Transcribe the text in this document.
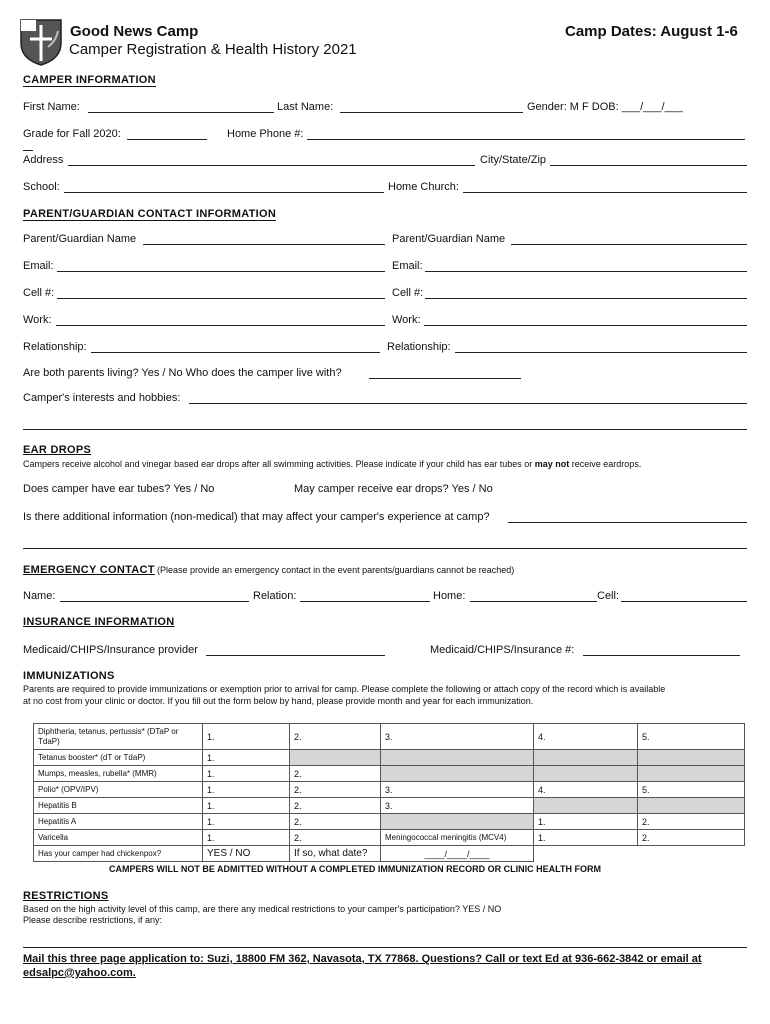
Good News Camp
Camper Registration & Health History 2021
Camp Dates: August 1-6
CAMPER INFORMATION
First Name:	Last Name:	Gender: M F DOB: ___/___/___
Grade for Fall 2020:	Home Phone #:
Address	City/State/Zip
School:	Home Church:
PARENT/GUARDIAN CONTACT INFORMATION
Parent/Guardian Name	Parent/Guardian Name
Email:	Email:
Cell #:	Cell #:
Work:	Work:
Relationship:	Relationship:
Are both parents living? Yes / No Who does the camper live with?
Camper's interests and hobbies:
EAR DROPS
Campers receive alcohol and vinegar based ear drops after all swimming activities. Please indicate if your child has ear tubes or may not receive eardrops.
Does camper have ear tubes? Yes / No	May camper receive ear drops? Yes / No
Is there additional information (non-medical) that may affect your camper's experience at camp?
EMERGENCY CONTACT (Please provide an emergency contact in the event parents/guardians cannot be reached)
Name:	Relation:	Home:	Cell:
INSURANCE INFORMATION
Medicaid/CHIPS/Insurance provider	Medicaid/CHIPS/Insurance #:
IMMUNIZATIONS
Parents are required to provide immunizations or exemption prior to arrival for camp. Please complete the following or attach copy of the record which is available
at no cost from your clinic or doctor. If you fill out the form below by hand, please provide month and year for each immunization.
Diphtheria, tetanus, pertussis* (DTaP or TdaP)	1.	2.	3.	4.	5.
Tetanus booster* (dT or TdaP)	1.				
Mumps, measles, rubella* (MMR)	1.	2.			
Polio* (OPV/IPV)	1.	2.	3.	4.	5.
Hepatitis B	1.	2.	3.		
Hepatitis A	1.	2.		1.	2.
Varicella	1.	2.	Meningococcal meningitis (MCV4)	1.	2.
Has your camper had chickenpox?	YES / NO	If so, what date?	____/____/____		
CAMPERS WILL NOT BE ADMITTED WITHOUT A COMPLETED IMMUNIZATION RECORD OR CLINIC HEALTH FORM
RESTRICTIONS
Based on the high activity level of this camp, are there any medical restrictions to your camper's participation? YES / NO
Please describe restrictions, if any:
Mail this three page application to: Suzi, 18800 FM 362, Navasota, TX 77868. Questions? Call or text Ed at 936-662-3842 or email at
edsalpc@yahoo.com.
